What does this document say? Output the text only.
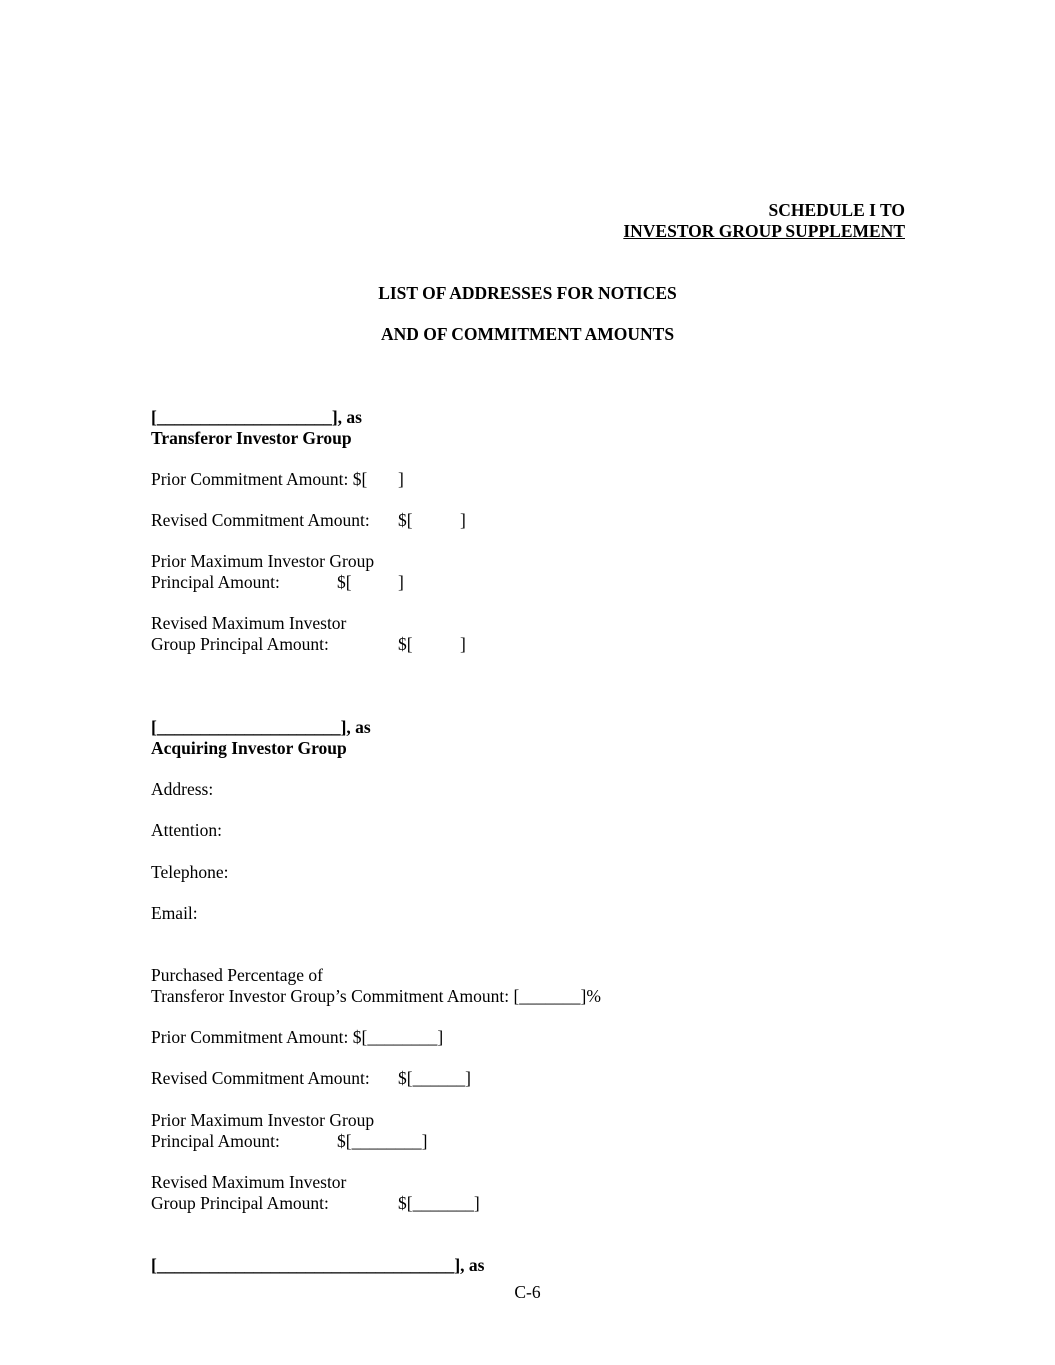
SCHEDULE I TO
INVESTOR GROUP SUPPLEMENT
LIST OF ADDRESSES FOR NOTICES
AND OF COMMITMENT AMOUNTS
[____________________], as
Transferor Investor Group
Prior Commitment Amount: $[ ]
Revised Commitment Amount: $[	]
Prior Maximum Investor Group
Principal Amount:	$[	]
Revised Maximum Investor
Group Principal Amount:	$[	]
[_____________________], as
Acquiring Investor Group
Address:
Attention:
Telephone:
Email:
Purchased Percentage of
Transferor Investor Group’s Commitment Amount: [_______]%
Prior Commitment Amount: $[________]
Revised Commitment Amount: $[______]
Prior Maximum Investor Group
Principal Amount:	$[________]
Revised Maximum Investor
Group Principal Amount:	$[_______]
[__________________________________], as
C-6
